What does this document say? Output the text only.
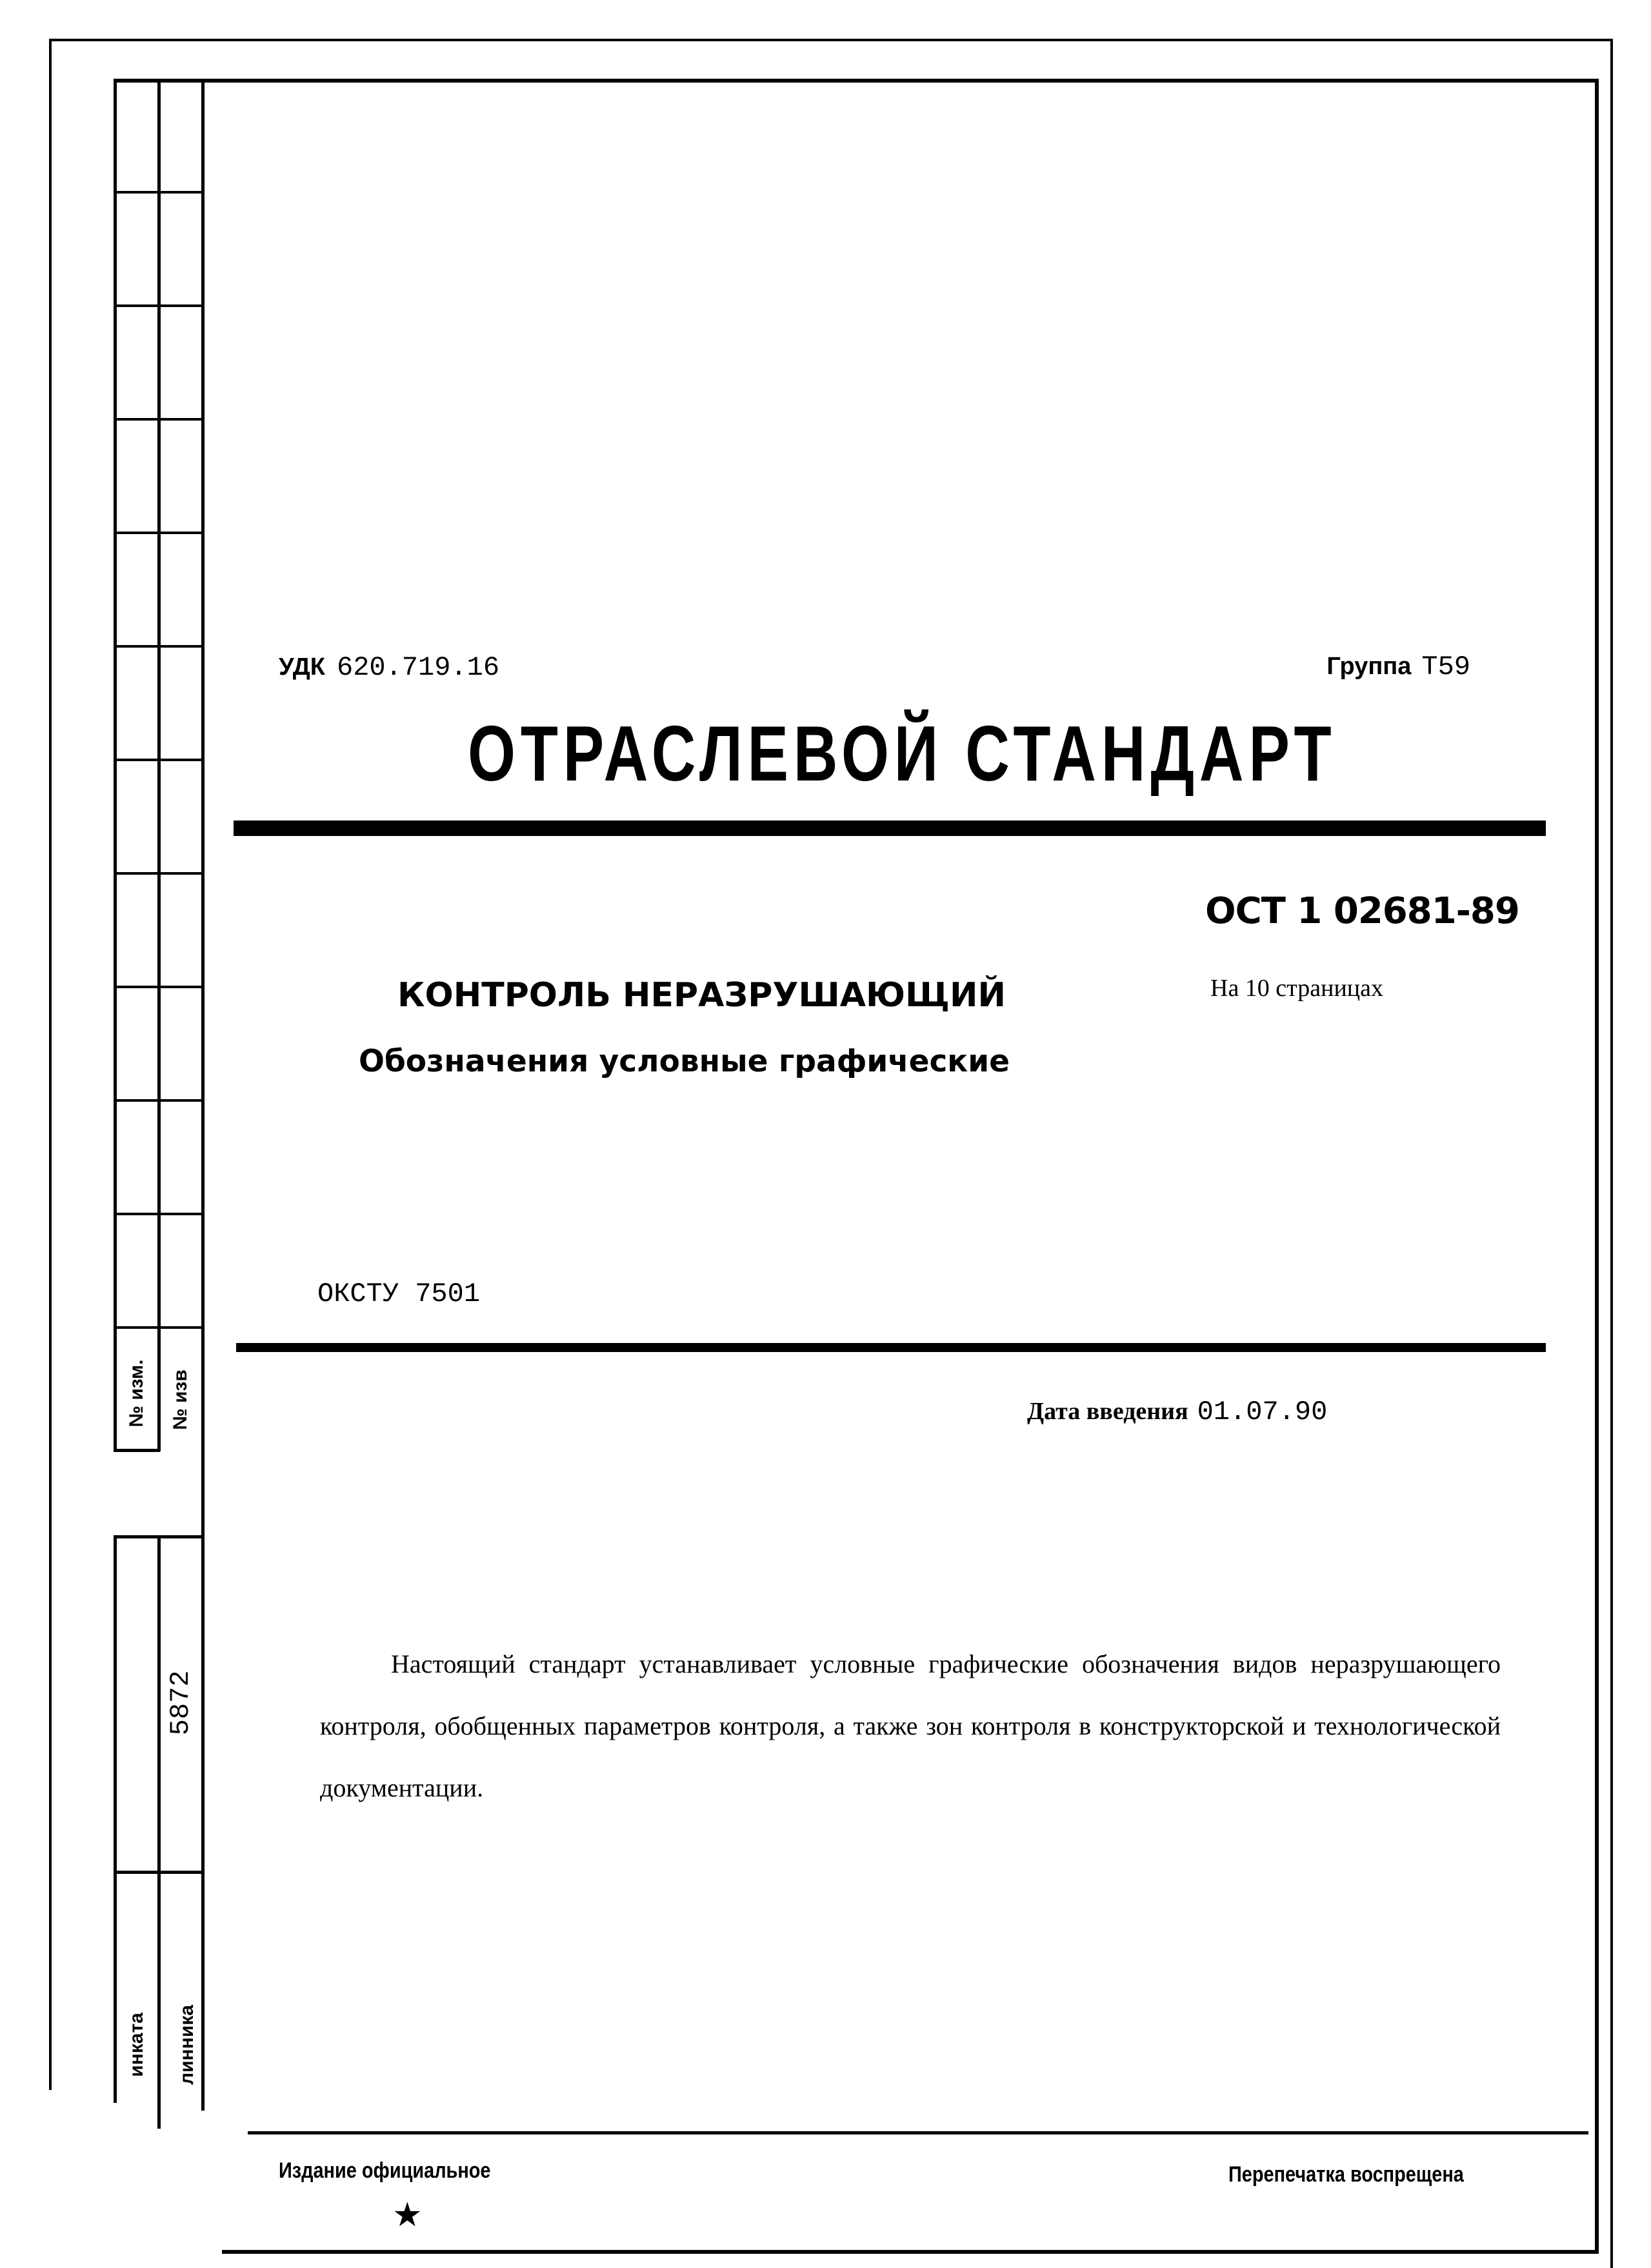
№ изм. № изв
5872
инката линника
УДК 620.719.16	Группа Т59
ОТРАСЛЕВОЙ СТАНДАРТ
ОСТ 1 02681-89
КОНТРОЛЬ НЕРАЗРУШАЮЩИЙ	На 10 страницах
Обозначения условные графические
ОКСТУ 7501
Дата введения 01.07.90
Настоящий стандарт устанавливает условные графические обозначения видов неразрушающего контроля, обобщенных параметров контроля, а также зон контроля в конструкторской и технологической документации.
Издание официальное	Перепечатка воспрещена
★
